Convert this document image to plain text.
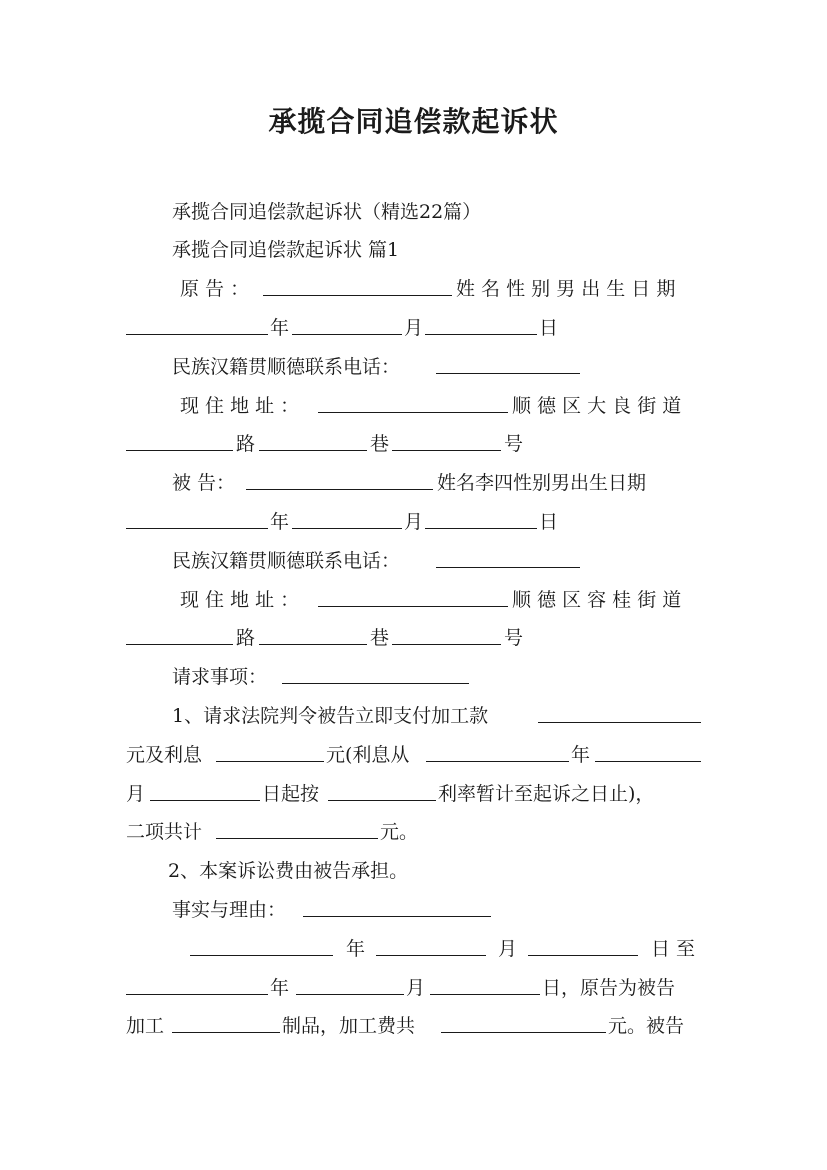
承揽合同追偿款起诉状
承揽合同追偿款起诉状（精选22篇）
承揽合同追偿款起诉状 篇1
原 告 ：	姓 名 性 别 男 出 生 日 期
年	月	日
民族汉籍贯顺德联系电话：
现 住 地 址 ：	顺 德 区 大 良 街 道
路	巷	号
被 告：	姓名李四性别男出生日期
年	月	日
民族汉籍贯顺德联系电话：
现 住 地 址 ：	顺 德 区 容 桂 街 道
路	巷	号
请求事项：
1、请求法院判令被告立即支付加工款
元及利息	元(利息从	年
月	日起按	利率暂计至起诉之日止)，
二项共计	元。
2、本案诉讼费由被告承担。
事实与理由：
年	月	日 至
年	月	日，原告为被告
加工	制品，加工费共	元。被告
